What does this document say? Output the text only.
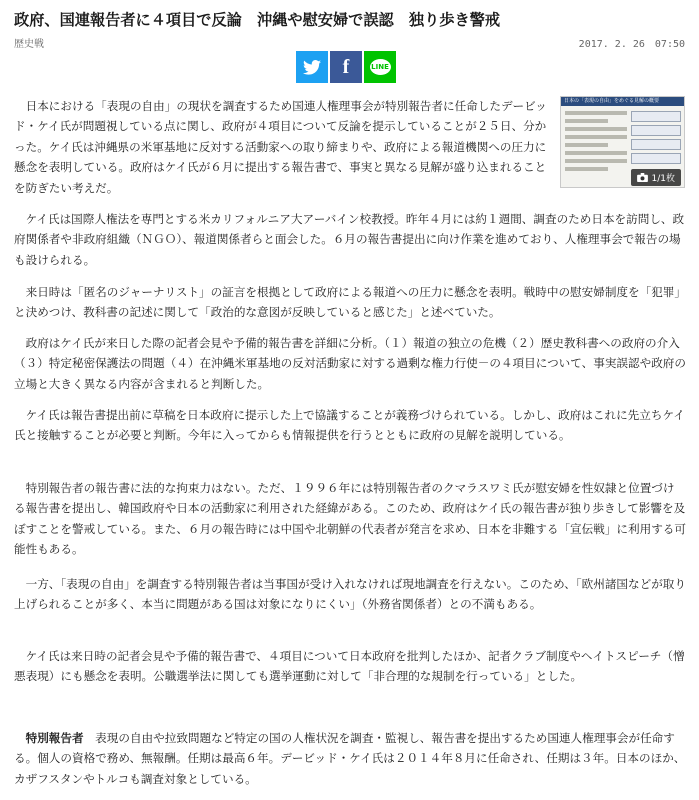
政府、国連報告者に４項目で反論　沖縄や慰安婦で誤認　独り歩き警戒
歴史戦	2017. 2. 26　07:50
f	LINE
日本の「表現の自由」をめぐる見解の概要
1/1枚

日本における「表現の自由」の現状を調査するため国連人権理事会が特別報告者に任命したデービッド・ケイ氏が問題視している点に関し、政府が４項目について反論を提示していることが２５日、分かった。ケイ氏は沖縄県の米軍基地に反対する活動家への取り締まりや、政府による報道機関への圧力に懸念を表明している。政府はケイ氏が６月に提出する報告書で、事実と異なる見解が盛り込まれることを防ぎたい考えだ。

ケイ氏は国際人権法を専門とする米カリフォルニア大アーバイン校教授。昨年４月には約１週間、調査のため日本を訪問し、政府関係者や非政府組織（ＮＧＯ）、報道関係者らと面会した。６月の報告書提出に向け作業を進めており、人権理事会で報告の場も設けられる。

来日時は「匿名のジャーナリスト」の証言を根拠として政府による報道への圧力に懸念を表明。戦時中の慰安婦制度を「犯罪」と決めつけ、教科書の記述に関して「政治的な意図が反映していると感じた」と述べていた。

政府はケイ氏が来日した際の記者会見や予備的報告書を詳細に分析。（１）報道の独立の危機（２）歴史教科書への政府の介入（３）特定秘密保護法の問題（４）在沖縄米軍基地の反対活動家に対する過剰な権力行使－の４項目について、事実誤認や政府の立場と大きく異なる内容が含まれると判断した。

ケイ氏は報告書提出前に草稿を日本政府に提示した上で協議することが義務づけられている。しかし、政府はこれに先立ちケイ氏と接触することが必要と判断。今年に入ってからも情報提供を行うとともに政府の見解を説明している。

特別報告者の報告書に法的な拘束力はない。ただ、１９９６年には特別報告者のクマラスワミ氏が慰安婦を性奴隷と位置づける報告書を提出し、韓国政府や日本の活動家に利用された経緯がある。このため、政府はケイ氏の報告書が独り歩きして影響を及ぼすことを警戒している。また、６月の報告時には中国や北朝鮮の代表者が発言を求め、日本を非難する「宣伝戦」に利用する可能性もある。

一方、「表現の自由」を調査する特別報告者は当事国が受け入れなければ現地調査を行えない。このため、「欧州諸国などが取り上げられることが多く、本当に問題がある国は対象になりにくい」（外務省関係者）との不満もある。

ケイ氏は来日時の記者会見や予備的報告書で、４項目について日本政府を批判したほか、記者クラブ制度やヘイトスピーチ（憎悪表現）にも懸念を表明。公職選挙法に関しても選挙運動に対して「非合理的な規制を行っている」とした。

特別報告者　表現の自由や拉致問題など特定の国の人権状況を調査・監視し、報告書を提出するため国連人権理事会が任命する。個人の資格で務め、無報酬。任期は最高６年。デービッド・ケイ氏は２０１４年８月に任命され、任期は３年。日本のほか、カザフスタンやトルコも調査対象としている。
